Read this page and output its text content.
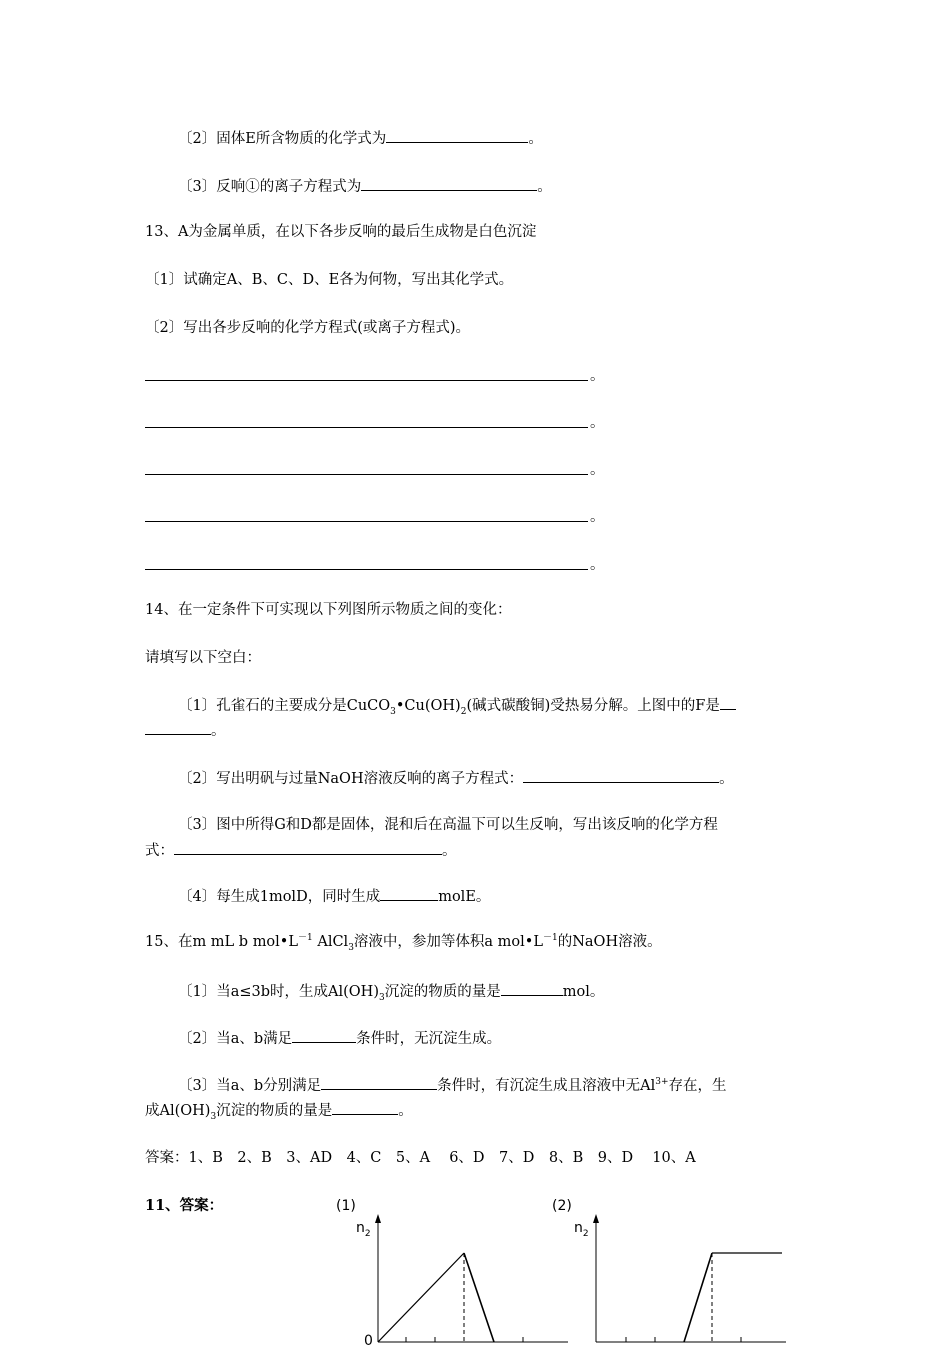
〔2〕固体E所含物质的化学式为	。
〔3〕反响①的离子方程式为	。
13、A为金属单质，在以下各步反响的最后生成物是白色沉淀
〔1〕试确定A、B、C、D、E各为何物，写出其化学式。
〔2〕写出各步反响的化学方程式(或离子方程式)。
。
。
。
。
。
14、在一定条件下可实现以下列图所示物质之间的变化：
请填写以下空白：
〔1〕孔雀石的主要成分是$CuCO_3•Cu(OH)_2$(碱式碳酸铜)受热易分解。上图中的F是
。
〔2〕写出明矾与过量NaOH溶液反响的离子方程式：	。
〔3〕图中所得G和D都是固体，混和后在高温下可以生反响，写出该反响的化学方程
式：	。
〔4〕每生成1molD，同时生成	molE。
15、在m mL b $mol•L^{-1}$ AlCl$_3$溶液中，参加等体积a $mol•L^{-1}$的NaOH溶液。
〔1〕当a≤3b时，生成$Al(OH)_3$沉淀的物质的量是	mol。
〔2〕当a、b满足	条件时，无沉淀生成。
〔3〕当a、b分别满足	条件时，有沉淀生成且溶液中无$Al^{3+}$存在，生
成$Al(OH)_3$沉淀的物质的量是	。
答案：1、B　2、B　3、AD　4、C　5、A　 6、D　7、D　8、B　9、D　 10、A
11、答案：	(1)
$n_2$
0
(2)
$n_2$
